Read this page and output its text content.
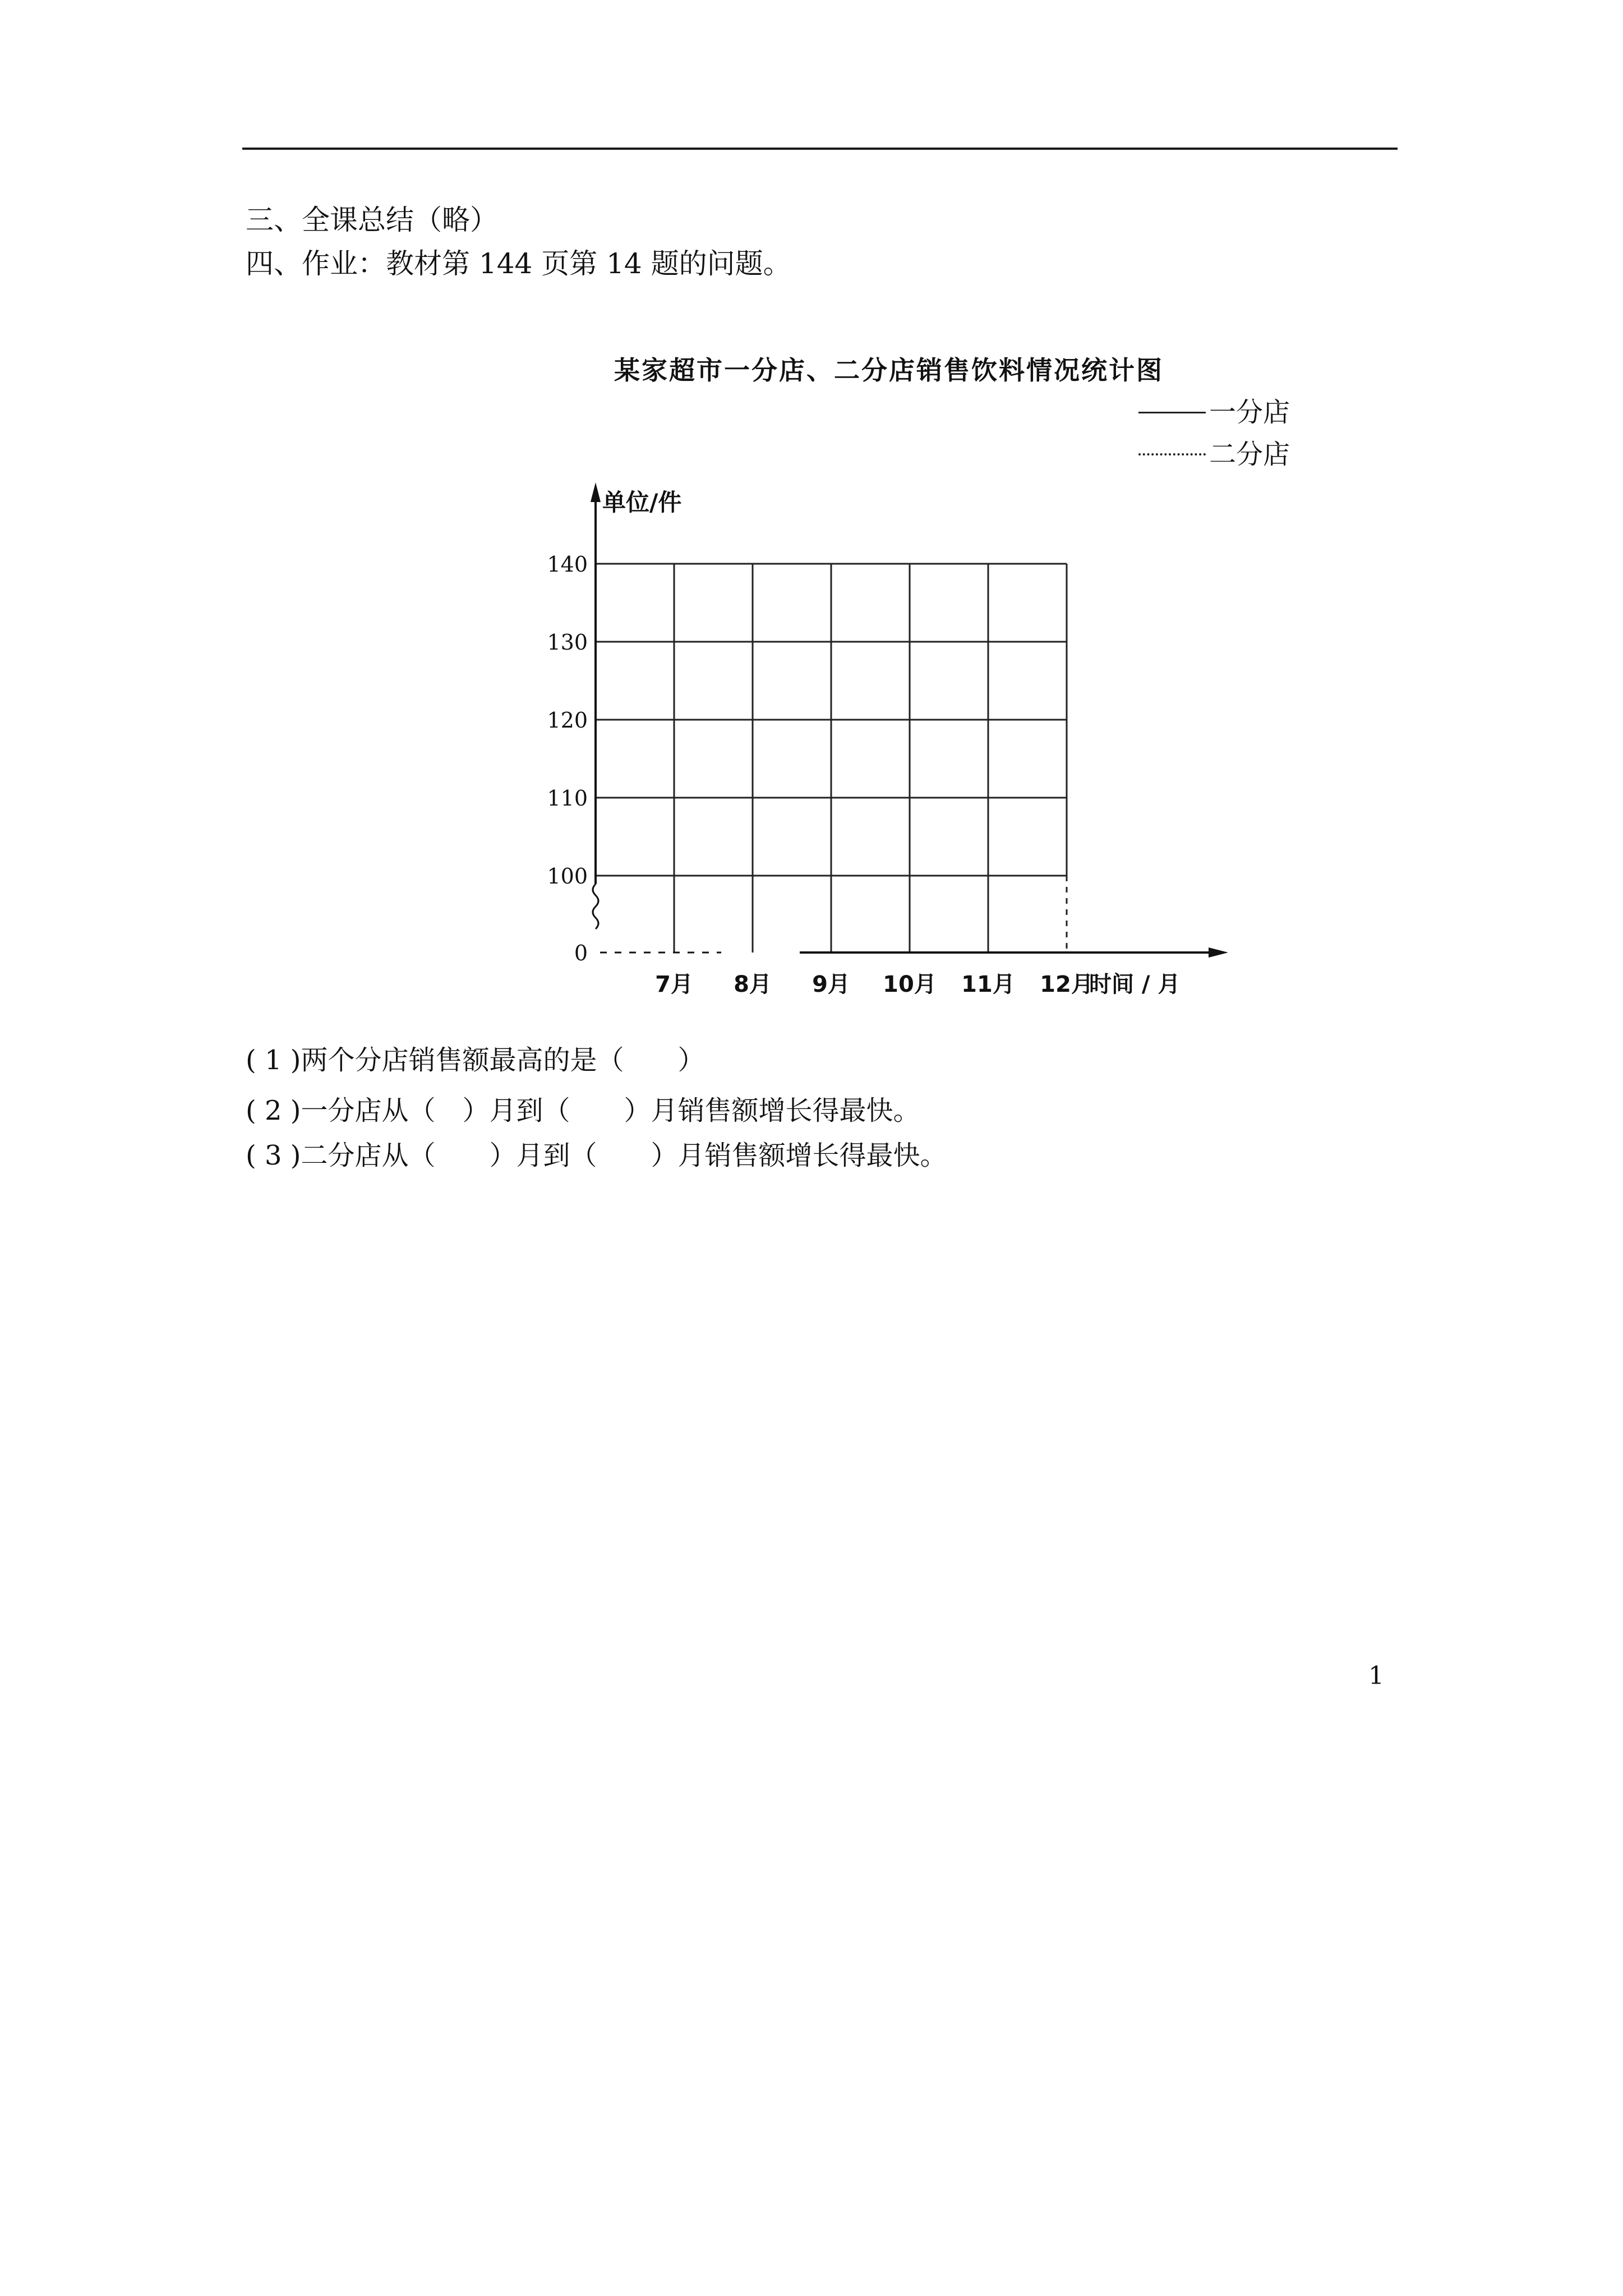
三、全课总结（略）
四、作业：教材第 144 页第 14 题的问题。
某家超市一分店、二分店销售饮料情况统计图
一分店
二分店
0
100
110
120
130
140
单位/件
7月 8月 9月 10月 11月 12月
时间 / 月
( 1 )两个分店销售额最高的是（　　）
( 2 )一分店从（　）月到（　　）月销售额增长得最快。
( 3 )二分店从（　　）月到（　　）月销售额增长得最快。
1
